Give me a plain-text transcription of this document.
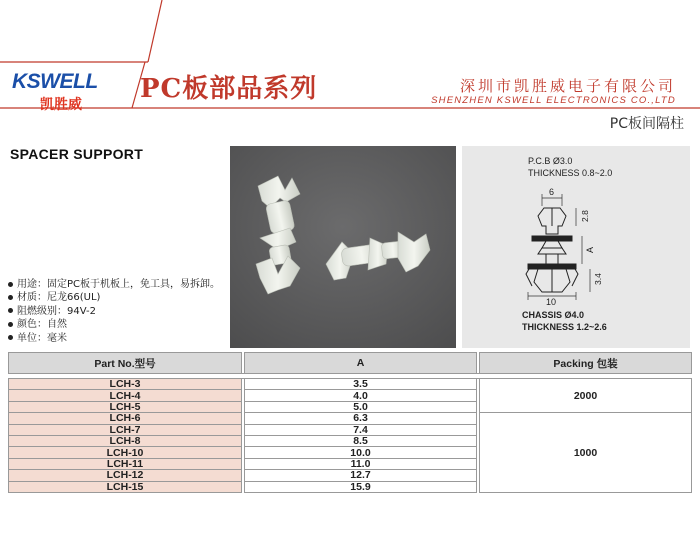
KSWELL
凯胜威
PC板部品系列	深圳市凯胜威电子有限公司
SHENZHEN KSWELL ELECTRONICS CO.,LTD
PC板间隔柱
SPACER SUPPORT
用途：固定PC板于机板上，免工具，易拆卸。
材质：尼龙66(UL)
阻燃级别：94V-2
颜色：自然
单位：毫米
P.C.B Ø3.0
THICKNESS 0.8~2.0
6
2.8
A
3.4
10
CHASSIS Ø4.0
THICKNESS 1.2~2.6
Part No.型号		A		Packing 包装

LCH-3		3.5		2000
LCH-4		4.0		
LCH-5		5.0		
LCH-6		6.3		1000
LCH-7		7.4		
LCH-8		8.5		
LCH-10		10.0		
LCH-11		11.0		
LCH-12		12.7		
LCH-15		15.9		
